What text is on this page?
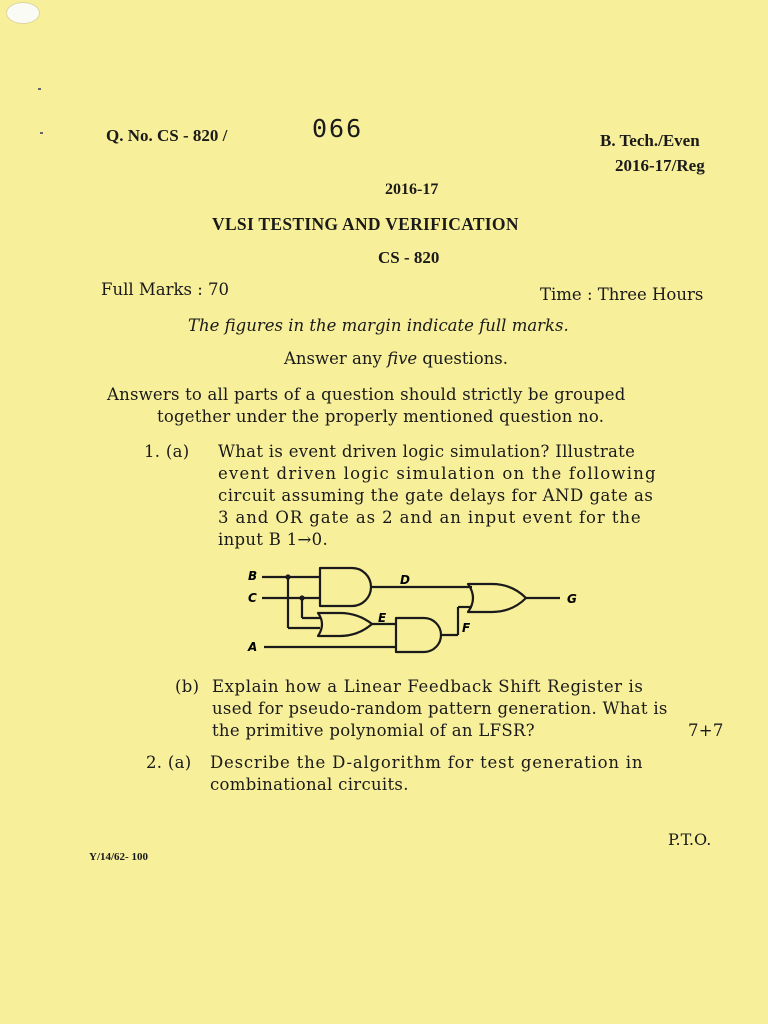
Q. No. CS - 820 /	066	B. Tech./Even
2016-17/Reg
2016-17
VLSI TESTING AND VERIFICATION
CS - 820
Full Marks : 70	Time : Three Hours
The figures in the margin indicate full marks.
Answer any five questions.
Answers to all parts of a question should strictly be grouped
together under the properly mentioned question no.
1. (a) What is event driven logic simulation? Illustrate
event driven logic simulation on the following
circuit assuming the gate delays for AND gate as
3 and OR gate as 2 and an input event for the
input B 1→0.
B
C
A
D
E
F
G
(b) Explain how a Linear Feedback Shift Register is
used for pseudo-random pattern generation. What is
the primitive polynomial of an LFSR?	7+7
2. (a) Describe the D-algorithm for test generation in
combinational circuits.
P.T.O.
Y/14/62- 100
